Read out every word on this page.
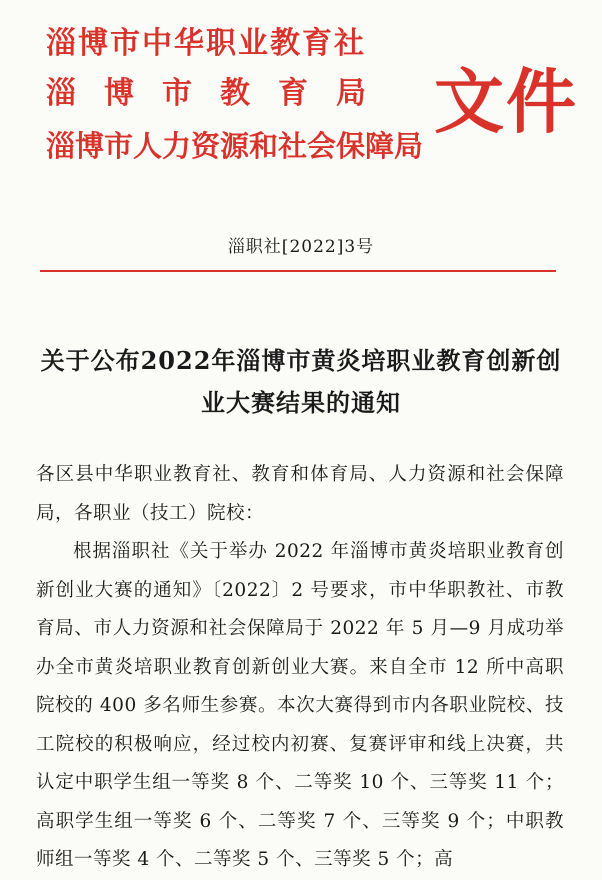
淄博市中华职业教育社
淄博市教育局
淄博市人力资源和社会保障局
文件
淄职社[2022]3号
关于公布2022年淄博市黄炎培职业教育创新创业大赛结果的通知

各区县中华职业教育社、教育和体育局、人力资源和社会保障局，各职业（技工）院校：

根据淄职社《关于举办 2022 年淄博市黄炎培职业教育创新创业大赛的通知》〔2022〕2 号要求，市中华职教社、市教育局、市人力资源和社会保障局于 2022 年 5 月—9 月成功举办全市黄炎培职业教育创新创业大赛。来自全市 12 所中高职院校的 400 多名师生参赛。本次大赛得到市内各职业院校、技工院校的积极响应，经过校内初赛、复赛评审和线上决赛，共认定中职学生组一等奖 8 个、二等奖 10 个、三等奖 11 个；高职学生组一等奖 6 个、二等奖 7 个、三等奖 9 个；中职教师组一等奖 4 个、二等奖 5 个、三等奖 5 个；高
